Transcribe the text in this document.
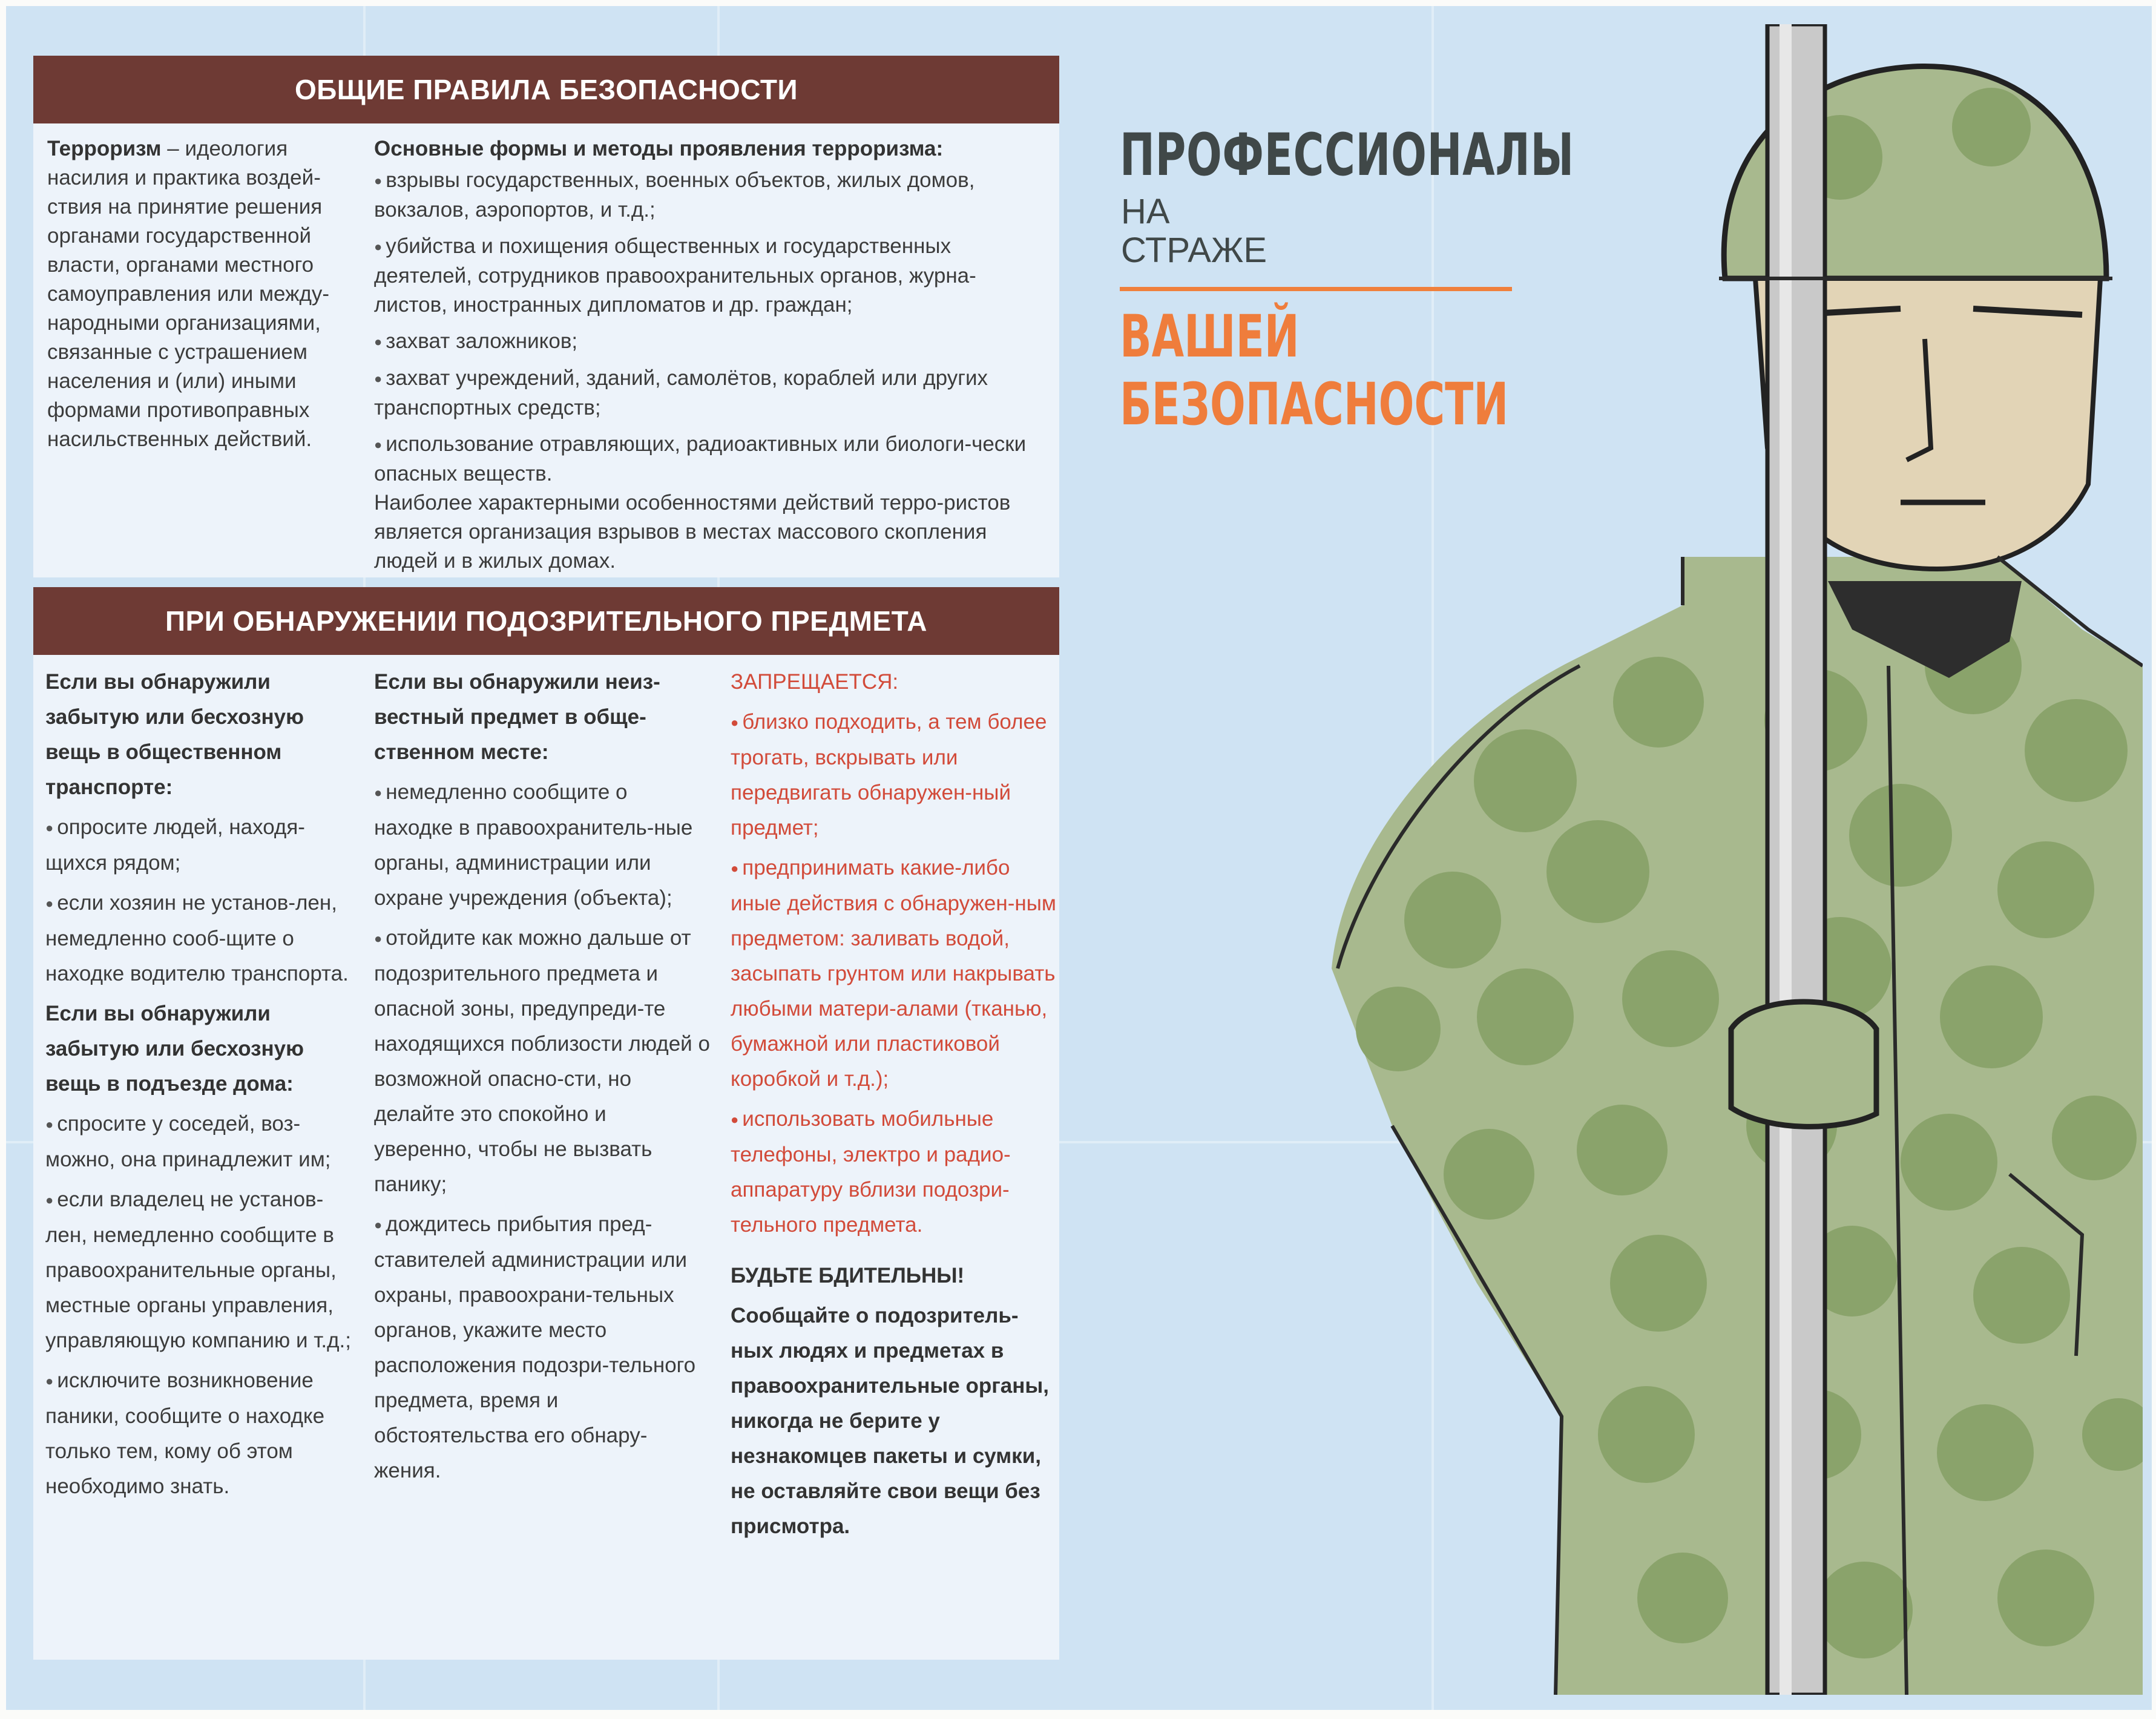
ОБЩИЕ ПРАВИЛА БЕЗОПАСНОСТИ
Терроризм – идеология насилия и практика воздей-ствия на принятие решения органами государственной власти, органами местного самоуправления или между-народными организациями, связанные с устрашением населения и (или) иными формами противоправных насильственных действий.
Основные формы и методы проявления терроризма:
● взрывы государственных, военных объектов, жилых домов, вокзалов, аэропортов, и т.д.;
● убийства и похищения общественных и государственных деятелей, сотрудников правоохранительных органов, журна-листов, иностранных дипломатов и др. граждан;
● захват заложников;
● захват учреждений, зданий, самолётов, кораблей или других транспортных средств;
● использование отравляющих, радиоактивных или биологи-чески опасных веществ.
Наиболее характерными особенностями действий терро-ристов является организация взрывов в местах массового скопления людей и в жилых домах.
ПРИ ОБНАРУЖЕНИИ ПОДОЗРИТЕЛЬНОГО ПРЕДМЕТА

Если вы обнаружили забытую или бесхозную вещь в общественном транспорте:

● опросите людей, находя-щихся рядом;

● если хозяин не установ-лен, немедленно сооб-щите о находке водителю транспорта.

Если вы обнаружили забытую или бесхозную вещь в подъезде дома:

● спросите у соседей, воз-можно, она принадлежит им;

● если владелец не установ-лен, немедленно сообщите в правоохранительные органы, местные органы управления, управляющую компанию и т.д.;

● исключите возникновение паники, сообщите о находке только тем, кому об этом необходимо знать.

Если вы обнаружили неиз-вестный предмет в обще-ственном месте:

● немедленно сообщите о находке в правоохранитель-ные органы, администрации или охране учреждения (объекта);

● отойдите как можно дальше от подозрительного предмета и опасной зоны, предупреди-те находящихся поблизости людей о возможной опасно-сти, но делайте это спокойно и уверенно, чтобы не вызвать панику;

● дождитесь прибытия пред-ставителей администрации или охраны, правоохрани-тельных органов, укажите место расположения подозри-тельного предмета, время и обстоятельства его обнару-жения.

ЗАПРЕЩАЕТСЯ:

● близко подходить, а тем более трогать, вскрывать или передвигать обнаружен-ный предмет;

● предпринимать какие-либо иные действия с обнаружен-ным предметом: заливать водой, засыпать грунтом или накрывать любыми матери-алами (тканью, бумажной или пластиковой коробкой и т.д.);

● использовать мобильные телефоны, электро и радио-аппаратуру вблизи подозри-тельного предмета.

БУДЬТЕ БДИТЕЛЬНЫ!

Сообщайте о подозритель-ных людях и предметах в правоохранительные органы, никогда не берите у незнакомцев пакеты и сумки, не оставляйте свои вещи без присмотра.

ПРОФЕССИОНАЛЫ
НА
СТРАЖЕ
ВАШЕЙ
БЕЗОПАСНОСТИ
